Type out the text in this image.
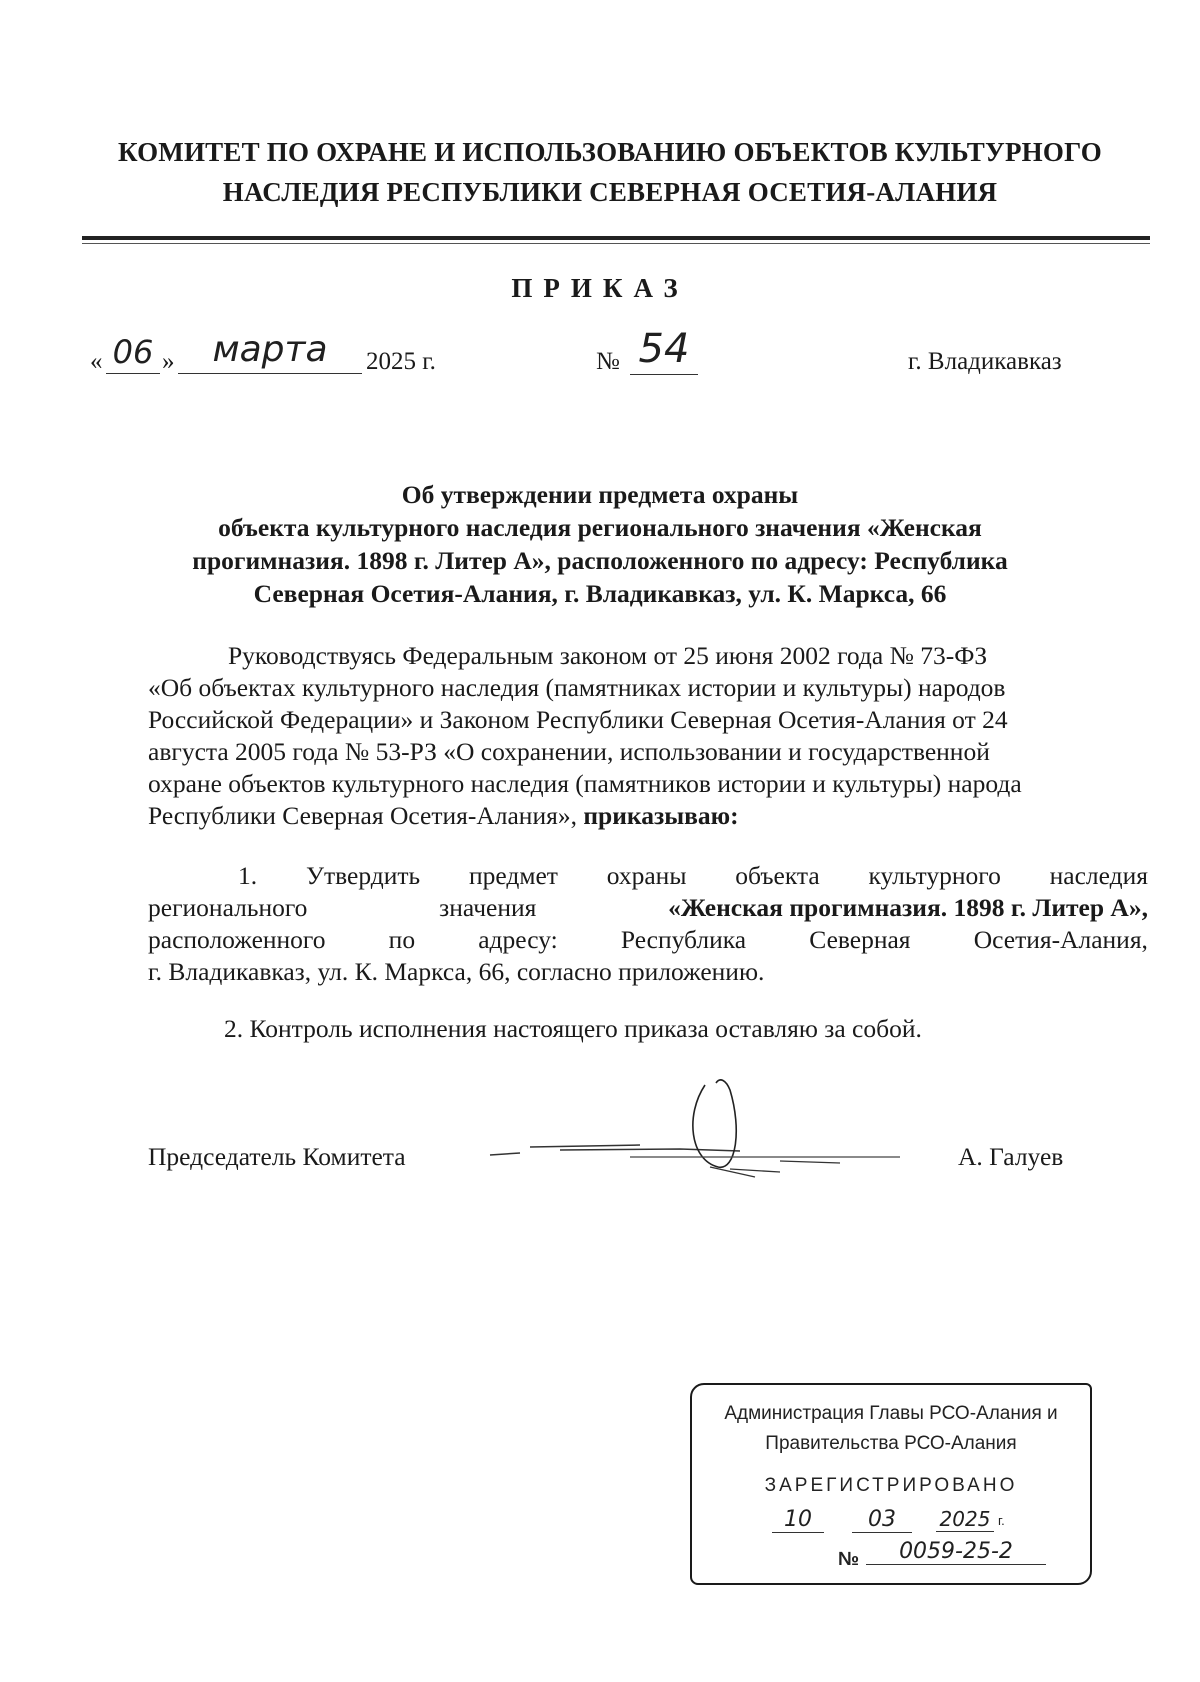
КОМИТЕТ ПО ОХРАНЕ И ИСПОЛЬЗОВАНИЮ ОБЪЕКТОВ КУЛЬТУРНОГО
НАСЛЕДИЯ РЕСПУБЛИКИ СЕВЕРНАЯ ОСЕТИЯ-АЛАНИЯ
ПРИКАЗ
« 06 »	марта	2025 г.	№ 54	г. Владикавказ
Об утверждении предмета охраны
объекта культурного наследия регионального значения «Женская
прогимназия. 1898 г. Литер А», расположенного по адресу: Республика
Северная Осетия-Алания, г. Владикавказ, ул. К. Маркса, 66
Руководствуясь Федеральным законом от 25 июня 2002 года № 73-ФЗ
«Об объектах культурного наследия (памятниках истории и культуры) народов
Российской Федерации» и Законом Республики Северная Осетия-Алания от 24
августа 2005 года № 53-РЗ «О сохранении, использовании и государственной
охране объектов культурного наследия (памятников истории и культуры) народа
Республики Северная Осетия-Алания», приказываю:
1. Утвердить предмет охраны объекта культурного наследия
регионального	значения	«Женская прогимназия. 1898 г. Литер А»,
расположенного по адресу: Республика Северная Осетия-Алания,
г. Владикавказ, ул. К. Маркса, 66, согласно приложению.
2. Контроль исполнения настоящего приказа оставляю за собой.
Председатель Комитета	А. Галуев
Администрация Главы РСО-Алания и
Правительства РСО-Алания
ЗАРЕГИСТРИРОВАНО
10	03	2025 г.
№	0059-25-2
